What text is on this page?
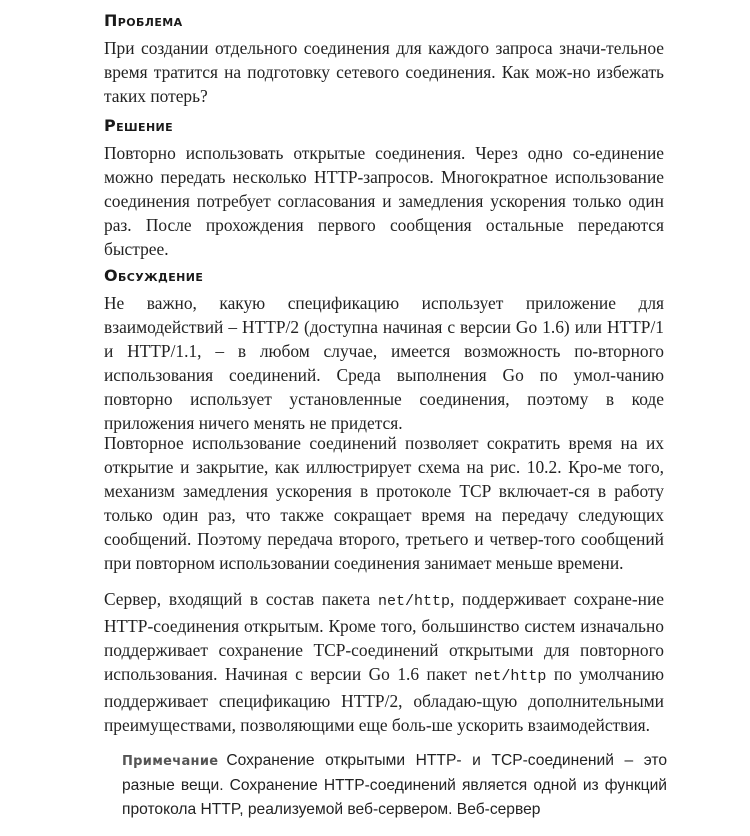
Проблема

При создании отдельного соединения для каждого запроса значи-тельное время тратится на подготовку сетевого соединения. Как мож-но избежать таких потерь?

Решение

Повторно использовать открытые соединения. Через одно со-единение можно передать несколько HTTP-запросов. Многократное использование соединения потребует согласования и замедления ускорения только один раз. После прохождения первого сообщения остальные передаются быстрее.

Обсуждение

Не важно, какую спецификацию использует приложение для взаимодействий – HTTP/2 (доступна начиная с версии Go 1.6) или HTTP/1 и HTTP/1.1, – в любом случае, имеется возможность по-вторного использования соединений. Среда выполнения Go по умол-чанию повторно использует установленные соединения, поэтому в коде приложения ничего менять не придется.

Повторное использование соединений позволяет сократить время на их открытие и закрытие, как иллюстрирует схема на рис. 10.2. Кро-ме того, механизм замедления ускорения в протоколе TCP включает-ся в работу только один раз, что также сокращает время на передачу следующих сообщений. Поэтому передача второго, третьего и четвер-того сообщений при повторном использовании соединения занимает меньше времени.

Сервер, входящий в состав пакета net/http, поддерживает сохране-ние HTTP-соединения открытым. Кроме того, большинство систем изначально поддерживает сохранение TCP-соединений открытыми для повторного использования. Начиная с версии Go 1.6 пакет net/http по умолчанию поддерживает спецификацию HTTP/2, обладаю-щую дополнительными преимуществами, позволяющими еще боль-ше ускорить взаимодействия.

Примечание Сохранение открытыми HTTP- и TCP-соединений – это разные вещи. Сохранение HTTP-соединений является одной из функций протокола HTTP, реализуемой веб-сервером. Веб-сервер
